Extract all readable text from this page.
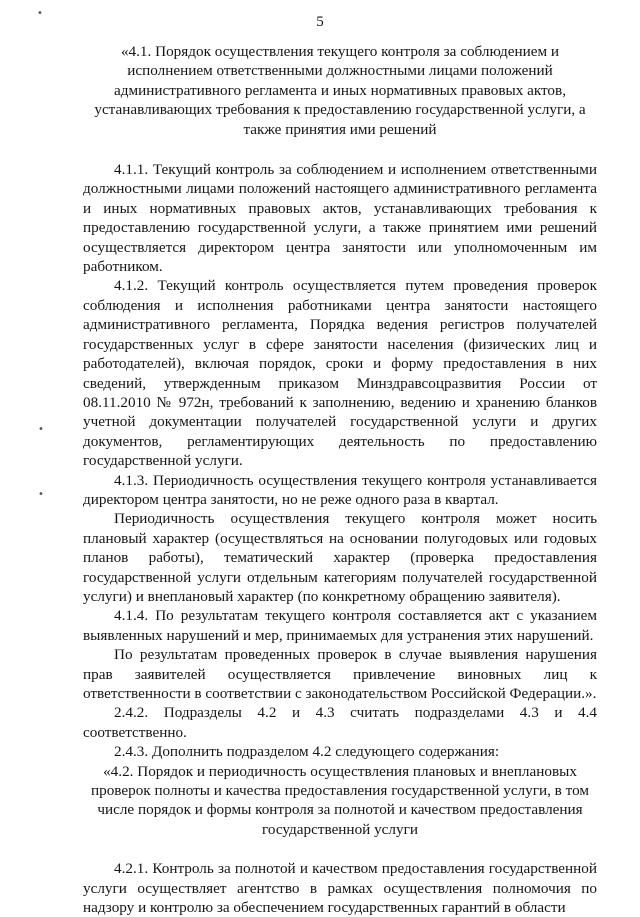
5
•
•
•

«4.1. Порядок осуществления текущего контроля за соблюдением и исполнением ответственными должностными лицами положений административного регламента и иных нормативных правовых актов, устанавливающих требования к предоставлению государственной услуги, а также принятия ими решений

4.1.1. Текущий контроль за соблюдением и исполнением ответственными должностными лицами положений настоящего административного регламента и иных нормативных правовых актов, устанавливающих требования к предоставлению государственной услуги, а также принятием ими решений осуществляется директором центра занятости или уполномоченным им работником.

4.1.2. Текущий контроль осуществляется путем проведения проверок соблюдения и исполнения работниками центра занятости настоящего административного регламента, Порядка ведения регистров получателей государственных услуг в сфере занятости населения (физических лиц и работодателей), включая порядок, сроки и форму предоставления в них сведений, утвержденным приказом Минздравсоцразвития России от 08.11.2010 № 972н, требований к заполнению, ведению и хранению бланков учетной документации получателей государственной услуги и других документов, регламентирующих деятельность по предоставлению государственной услуги.

4.1.3. Периодичность осуществления текущего контроля устанавливается директором центра занятости, но не реже одного раза в квартал.

Периодичность осуществления текущего контроля может носить плановый характер (осуществляться на основании полугодовых или годовых планов работы), тематический характер (проверка предоставления государственной услуги отдельным категориям получателей государственной услуги) и внеплановый характер (по конкретному обращению заявителя).

4.1.4. По результатам текущего контроля составляется акт с указанием выявленных нарушений и мер, принимаемых для устранения этих нарушений.

По результатам проведенных проверок в случае выявления нарушения прав заявителей осуществляется привлечение виновных лиц к ответственности в соответствии с законодательством Российской Федерации.».

2.4.2. Подразделы 4.2 и 4.3 считать подразделами 4.3 и 4.4 соответственно.

2.4.3. Дополнить подразделом 4.2 следующего содержания:

«4.2. Порядок и периодичность осуществления плановых и внеплановых проверок полноты и качества предоставления государственной услуги, в том числе порядок и формы контроля за полнотой и качеством предоставления государственной услуги

4.2.1. Контроль за полнотой и качеством предоставления государственной услуги осуществляет агентство в рамках осуществления полномочия по надзору и контролю за обеспечением государственных гарантий в области
